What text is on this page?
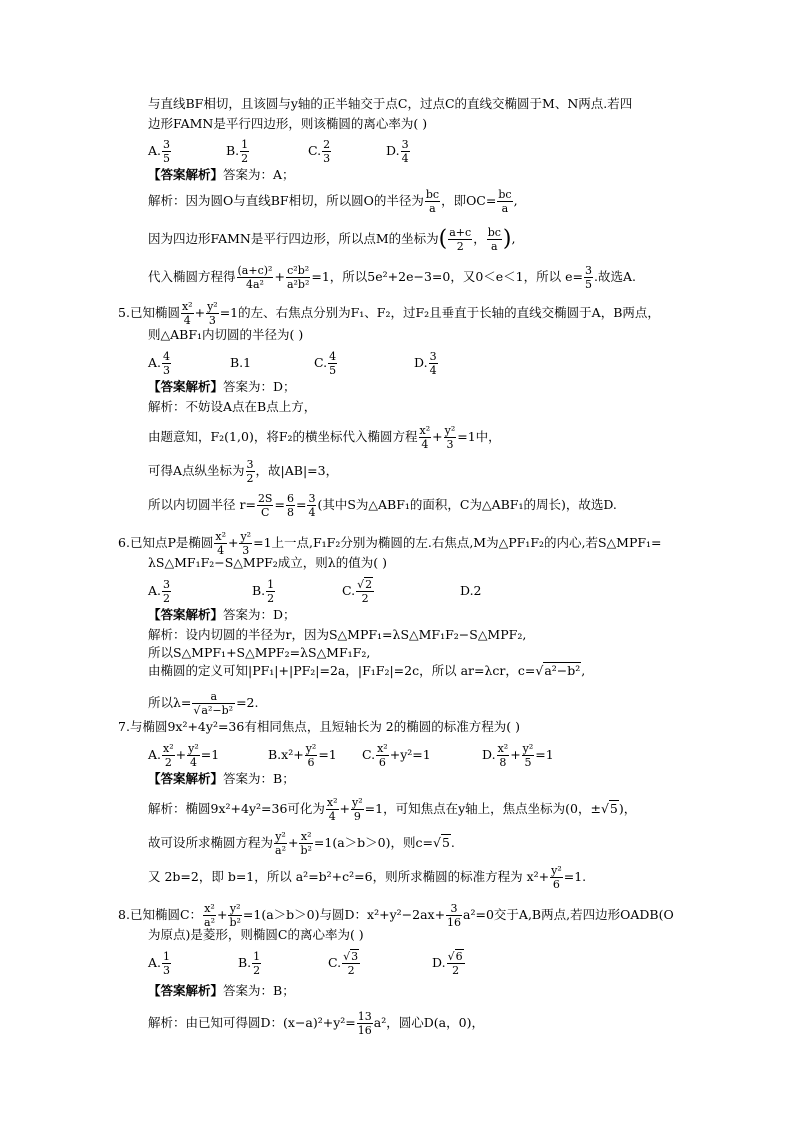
与直线BF相切，且该圆与y轴的正半轴交于点C，过点C的直线交椭圆于M、N两点.若四
边形FAMN是平行四边形，则该椭圆的离心率为( )
A. $\frac{3}{5}$	B. $\frac{1}{2}$	C. $\frac{2}{3}$	D. $\frac{3}{4}$
【答案解析】答案为：A；
解析：因为圆O与直线BF相切，所以圆O的半径为 $\frac{bc}{a}$ ，即$OC= \frac{bc}{a}$ ,
因为四边形FAMN是平行四边形，所以点M的坐标为( $\frac{a+c}{2}$ ， $\frac{bc}{a}$ ),
代入椭圆方程得 $\frac{\text{(a+c)²}}{\text{4a²}} + \frac{\text{c²b²}}{\text{a²b²}} =1$，所以5e²+2e−3=0，又0＜e＜1，所以 $e= \frac{3}{5}$ .故选A.
5.已知椭圆 $\frac{\text{x²}}{4} + \frac{\text{y²}}{3} =1$的左、右焦点分别为F₁、F₂，过F₂且垂直于长轴的直线交椭圆于A，B两点，
则△ABF₁内切圆的半径为( )
A. $\frac{4}{3}$	B.1	C. $\frac{4}{5}$	D. $\frac{3}{4}$
【答案解析】答案为：D；
解析：不妨设A点在B点上方，
由题意知，F₂(1,0)，将F₂的横坐标代入椭圆方程 $\frac{\text{x²}}{4} + \frac{\text{y²}}{3} =1$中，
可得A点纵坐标为 $\frac{3}{2}$ ，故|AB|=3，
所以内切圆半径 $r= \frac{2S}{C} = \frac{6}{8} = \frac{3}{4}$ (其中S为△ABF₁的面积，C为△ABF₁的周长)，故选D.
6.已知点P是椭圆 $\frac{\text{x²}}{4} + \frac{\text{y²}}{3} =1$上一点,F₁F₂分别为椭圆的左.右焦点,M为△PF₁F₂的内心,若S△MPF₁=
λS△MF₁F₂−S△MPF₂成立，则λ的值为( )
A. $\frac{3}{2}$	B. $\frac{1}{2}$	C. $\frac{√2}{2}$	D.2
【答案解析】答案为：D；
解析：设内切圆的半径为r，因为S△MPF₁=λS△MF₁F₂−S△MPF₂,
所以S△MPF₁+S△MPF₂=λS△MF₁F₂,
由椭圆的定义可知|PF₁|+|PF₂|=2a，|F₁F₂|=2c，所以 ar=λcr，c=√a²−b²,
所以$\lambda= \frac{a}{\text{√a²−b²}} =2$.
7.与椭圆9x²+4y²=36有相同焦点，且短轴长为 2的椭圆的标准方程为( )
A. $\frac{\text{x²}}{2} + \frac{\text{y²}}{4} =1$	$B.x^2+ \frac{\text{y²}}{6} =1$ C. $\frac{\text{x²}}{6} +y^2=1$	D. $\frac{\text{x²}}{8} + \frac{\text{y²}}{5} =1$
【答案解析】答案为：B；
解析：椭圆9x²+4y²=36可化为 $\frac{\text{x²}}{4} + \frac{\text{y²}}{9} =1$，可知焦点在y轴上，焦点坐标为(0，±√5)，
故可设所求椭圆方程为 $\frac{\text{y²}}{\text{a²}} + \frac{\text{x²}}{\text{b²}} =1(a>b>0)$，则c=√5.
又 2b=2，即 b=1，所以 a²=b²+c²=6，则所求椭圆的标准方程为 $x^2+ \frac{\text{y²}}{6} =1$.
8.已知椭圆C： $\frac{\text{x²}}{\text{a²}} + \frac{\text{y²}}{\text{b²}} =1(a>b>0)$与圆D：$x^2+y^2-2ax+ \frac{3}{16} a^2=0$交于A,B两点,若四边形OADB(O
为原点)是菱形，则椭圆C的离心率为( )
A. $\frac{1}{3}$	B. $\frac{1}{2}$	C. $\frac{√3}{2}$	D. $\frac{√6}{2}$
【答案解析】答案为：B；
解析：由已知可得圆D：$(x-a)^2+y^2= \frac{13}{16} a^2$，圆心D(a，0)，
